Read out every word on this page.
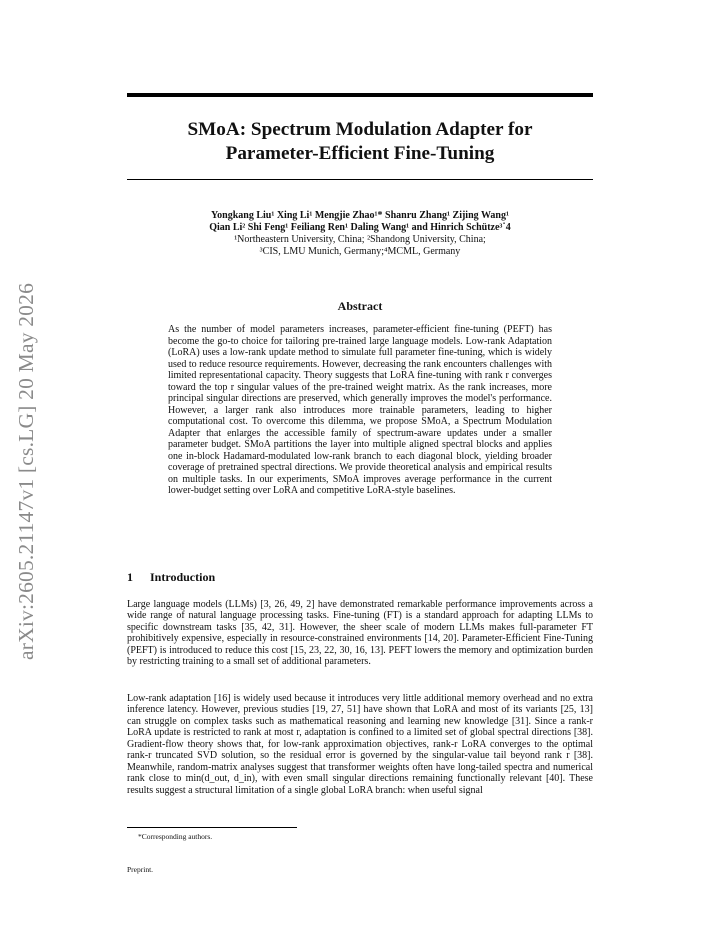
arXiv:2605.21147v1 [cs.LG] 20 May 2026
SMoA: Spectrum Modulation Adapter for
Parameter-Efficient Fine-Tuning
Yongkang Liu¹ Xing Li¹ Mengjie Zhao¹* Shanru Zhang¹ Zijing Wang¹
Qian Li² Shi Feng¹ Feiliang Ren¹ Daling Wang¹ and Hinrich Schütze³˙4
¹Northeastern University, China; ²Shandong University, China;
³CIS, LMU Munich, Germany;⁴MCML, Germany
Abstract
As the number of model parameters increases, parameter-efficient fine-tuning (PEFT) has become the go-to choice for tailoring pre-trained large language models. Low-rank Adaptation (LoRA) uses a low-rank update method to simulate full parameter fine-tuning, which is widely used to reduce resource requirements. However, decreasing the rank encounters challenges with limited representational capacity. Theory suggests that LoRA fine-tuning with rank r converges toward the top r singular values of the pre-trained weight matrix. As the rank increases, more principal singular directions are preserved, which generally improves the model's performance. However, a larger rank also introduces more trainable parameters, leading to higher computational cost. To overcome this dilemma, we propose SMoA, a Spectrum Modulation Adapter that enlarges the accessible family of spectrum-aware updates under a smaller parameter budget. SMoA partitions the layer into multiple aligned spectral blocks and applies one in-block Hadamard-modulated low-rank branch to each diagonal block, yielding broader coverage of pretrained spectral directions. We provide theoretical analysis and empirical results on multiple tasks. In our experiments, SMoA improves average performance in the current lower-budget setting over LoRA and competitive LoRA-style baselines.
1 Introduction
Large language models (LLMs) [3, 26, 49, 2] have demonstrated remarkable performance improvements across a wide range of natural language processing tasks. Fine-tuning (FT) is a standard approach for adapting LLMs to specific downstream tasks [35, 42, 31]. However, the sheer scale of modern LLMs makes full-parameter FT prohibitively expensive, especially in resource-constrained environments [14, 20]. Parameter-Efficient Fine-Tuning (PEFT) is introduced to reduce this cost [15, 23, 22, 30, 16, 13]. PEFT lowers the memory and optimization burden by restricting training to a small set of additional parameters.
Low-rank adaptation [16] is widely used because it introduces very little additional memory overhead and no extra inference latency. However, previous studies [19, 27, 51] have shown that LoRA and most of its variants [25, 13] can struggle on complex tasks such as mathematical reasoning and learning new knowledge [31]. Since a rank-r LoRA update is restricted to rank at most r, adaptation is confined to a limited set of global spectral directions [38]. Gradient-flow theory shows that, for low-rank approximation objectives, rank-r LoRA converges to the optimal rank-r truncated SVD solution, so the residual error is governed by the singular-value tail beyond rank r [38]. Meanwhile, random-matrix analyses suggest that transformer weights often have long-tailed spectra and numerical rank close to min(d_out, d_in), with even small singular directions remaining functionally relevant [40]. These results suggest a structural limitation of a single global LoRA branch: when useful signal
*Corresponding authors.
Preprint.
